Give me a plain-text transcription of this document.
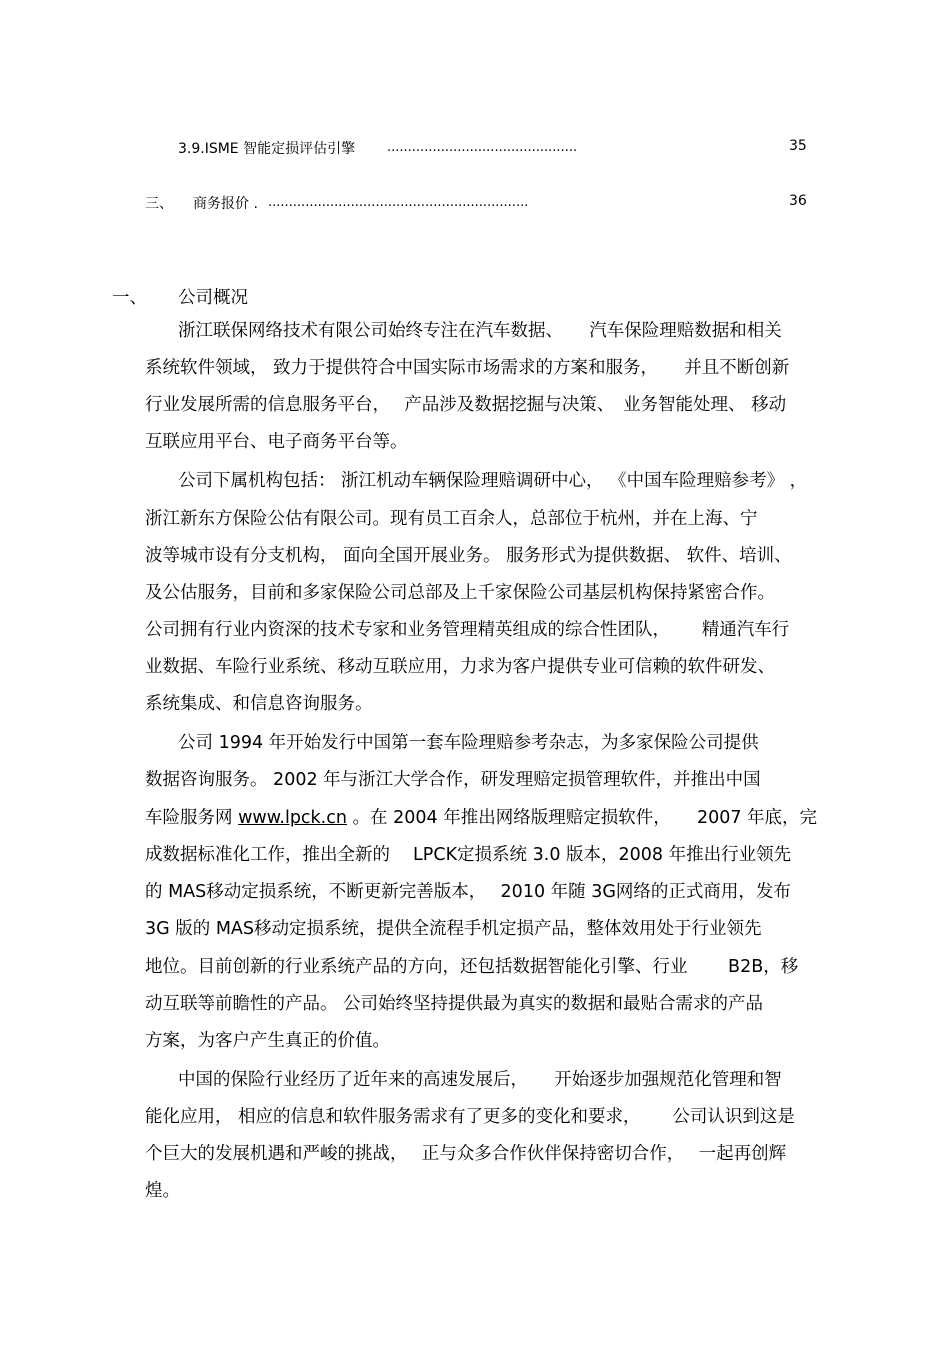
3.9.ISME 智能定损评估引擎 ..............................................	35
三、 商务报价 . ...............................................................	36
一、 公司概况
浙江联保网络技术有限公司始终专注在汽车数据、　　汽车保险理赔数据和相关
系统软件领域， 致力于提供符合中国实际市场需求的方案和服务，　　并且不断创新
行业发展所需的信息服务平台，　 产品涉及数据挖掘与决策、　业务智能处理、 移动
互联应用平台、电子商务平台等。
公司下属机构包括： 浙江机动车辆保险理赔调研中心， 《中国车险理赔参考》 ，
浙江新东方保险公估有限公司。现有员工百余人，总部位于杭州，并在上海、宁
波等城市设有分支机构， 面向全国开展业务。 服务形式为提供数据、 软件、培训、
及公估服务，目前和多家保险公司总部及上千家保险公司基层机构保持紧密合作。
公司拥有行业内资深的技术专家和业务管理精英组成的综合性团队，　　 精通汽车行
业数据、车险行业系统、移动互联应用，力求为客户提供专业可信赖的软件研发、
系统集成、和信息咨询服务。
公司 1994 年开始发行中国第一套车险理赔参考杂志，为多家保险公司提供
数据咨询服务。 2002 年与浙江大学合作，研发理赔定损管理软件，并推出中国
车险服务网 www.lpck.cn 。在 2004 年推出网络版理赔定损软件，　　2007 年底，完
成数据标准化工作，推出全新的　 LPCK定损系统 3.0 版本，2008 年推出行业领先
的 MAS移动定损系统，不断更新完善版本，　 2010 年随 3G网络的正式商用，发布
3G 版的 MAS移动定损系统，提供全流程手机定损产品，整体效用处于行业领先
地位。目前创新的行业系统产品的方向，还包括数据智能化引擎、行业　　 B2B，移
动互联等前瞻性的产品。 公司始终坚持提供最为真实的数据和最贴合需求的产品
方案，为客户产生真正的价值。
中国的保险行业经历了近年来的高速发展后，　　开始逐步加强规范化管理和智
能化应用， 相应的信息和软件服务需求有了更多的变化和要求，　　 公司认识到这是
个巨大的发展机遇和严峻的挑战，　 正与众多合作伙伴保持密切合作，　 一起再创辉
煌。
